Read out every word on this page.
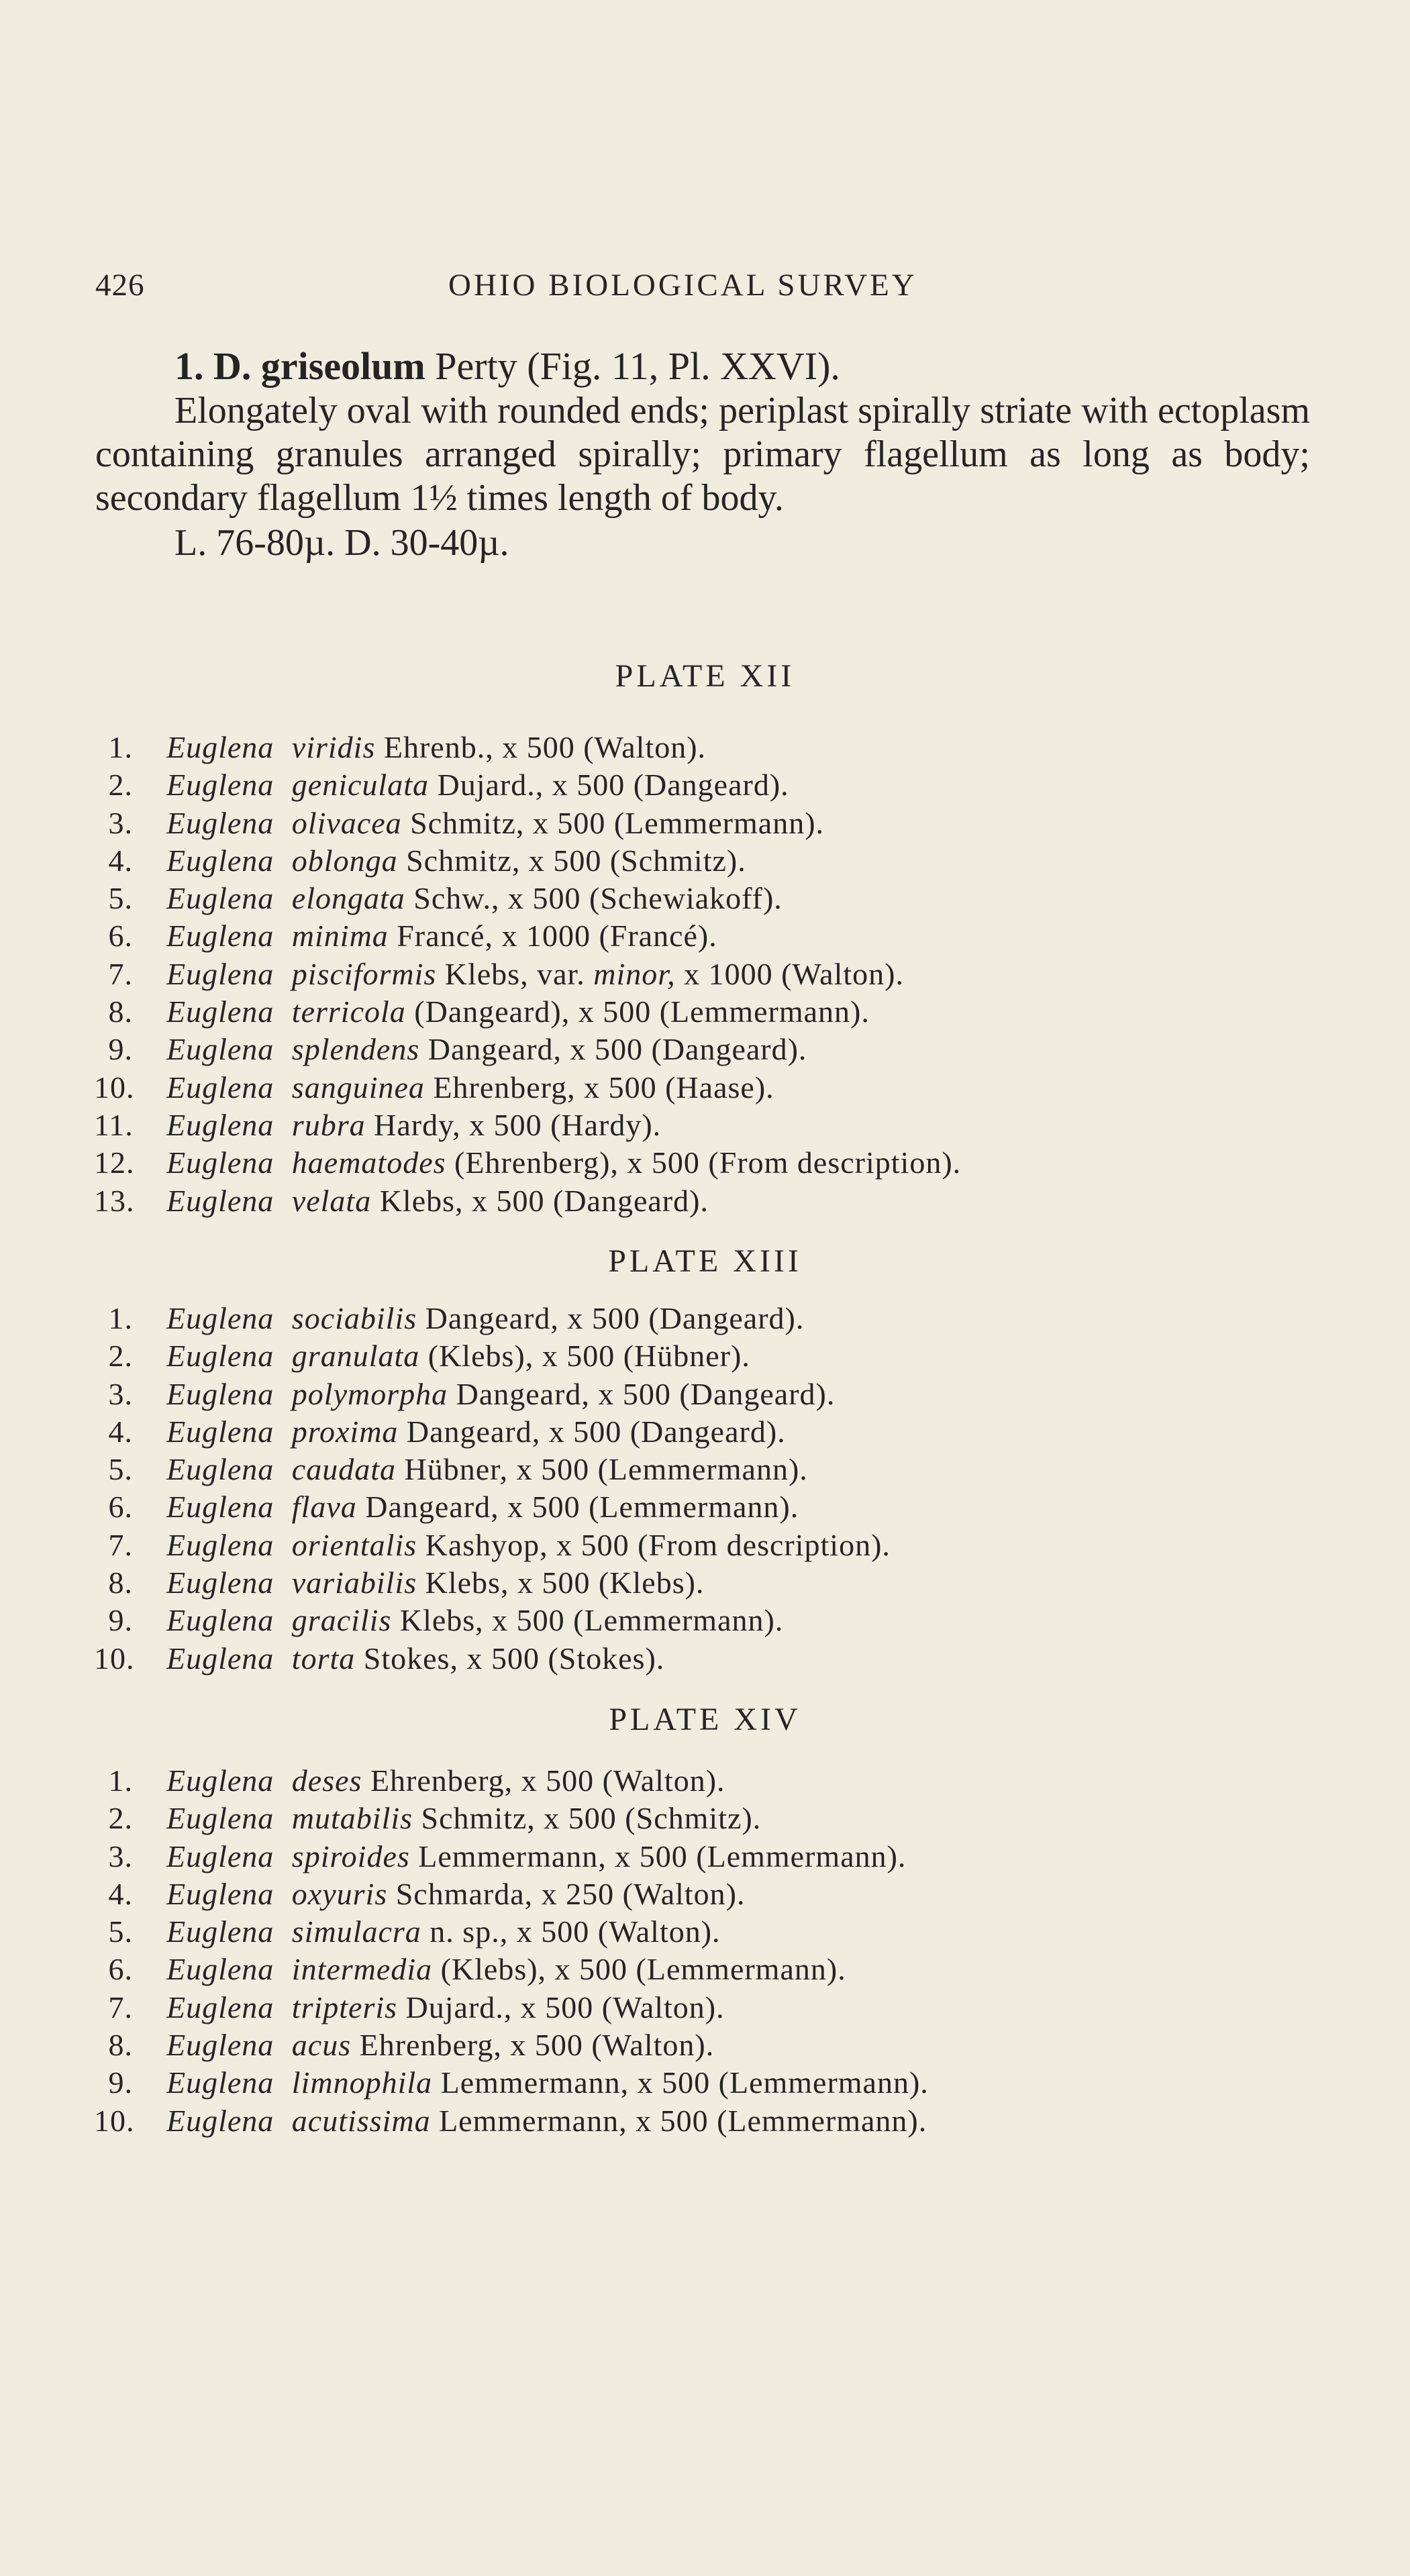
426	OHIO BIOLOGICAL SURVEY

1. D. griseolum Perty (Fig. 11, Pl. XXVI).

Elongately oval with rounded ends; periplast spirally striate with ectoplasm containing granules arranged spirally; primary flagellum as long as body; secondary flagellum 1½ times length of body.

L. 76-80µ. D. 30-40µ.

PLATE XII
1. Euglena viridis Ehrenb., x 500 (Walton).
2. Euglena geniculata Dujard., x 500 (Dangeard).
3. Euglena olivacea Schmitz, x 500 (Lemmermann).
4. Euglena oblonga Schmitz, x 500 (Schmitz).
5. Euglena elongata Schw., x 500 (Schewiakoff).
6. Euglena minima Francé, x 1000 (Francé).
7. Euglena pisciformis Klebs, var. minor, x 1000 (Walton).
8. Euglena terricola (Dangeard), x 500 (Lemmermann).
9. Euglena splendens Dangeard, x 500 (Dangeard).
10. Euglena sanguinea Ehrenberg, x 500 (Haase).
11. Euglena rubra Hardy, x 500 (Hardy).
12. Euglena haematodes (Ehrenberg), x 500 (From description).
13. Euglena velata Klebs, x 500 (Dangeard).
PLATE XIII
1. Euglena sociabilis Dangeard, x 500 (Dangeard).
2. Euglena granulata (Klebs), x 500 (Hübner).
3. Euglena polymorpha Dangeard, x 500 (Dangeard).
4. Euglena proxima Dangeard, x 500 (Dangeard).
5. Euglena caudata Hübner, x 500 (Lemmermann).
6. Euglena flava Dangeard, x 500 (Lemmermann).
7. Euglena orientalis Kashyop, x 500 (From description).
8. Euglena variabilis Klebs, x 500 (Klebs).
9. Euglena gracilis Klebs, x 500 (Lemmermann).
10. Euglena torta Stokes, x 500 (Stokes).
PLATE XIV
1. Euglena deses Ehrenberg, x 500 (Walton).
2. Euglena mutabilis Schmitz, x 500 (Schmitz).
3. Euglena spiroides Lemmermann, x 500 (Lemmermann).
4. Euglena oxyuris Schmarda, x 250 (Walton).
5. Euglena simulacra n. sp., x 500 (Walton).
6. Euglena intermedia (Klebs), x 500 (Lemmermann).
7. Euglena tripteris Dujard., x 500 (Walton).
8. Euglena acus Ehrenberg, x 500 (Walton).
9. Euglena limnophila Lemmermann, x 500 (Lemmermann).
10. Euglena acutissima Lemmermann, x 500 (Lemmermann).
